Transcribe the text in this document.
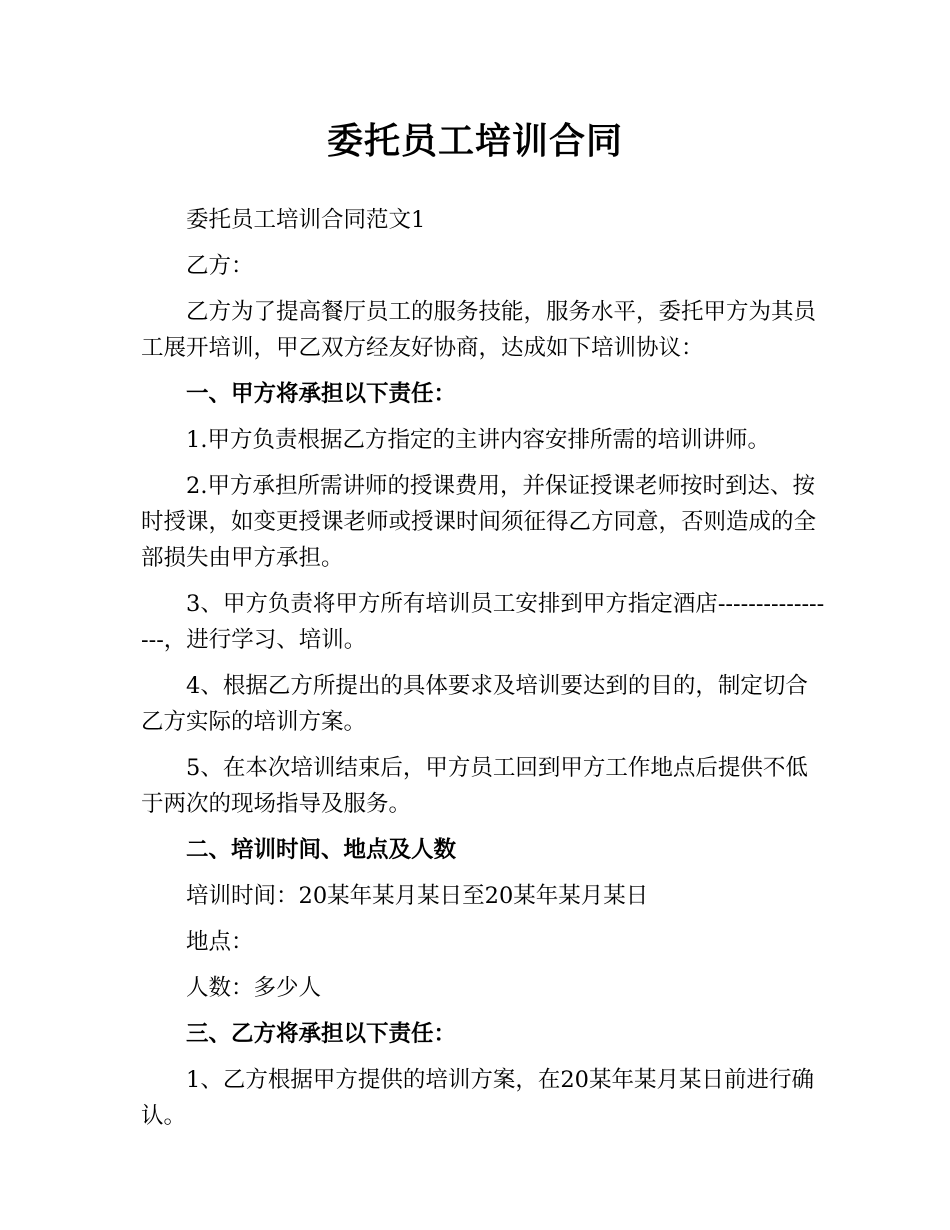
委托员工培训合同

委托员工培训合同范文1

乙方：

乙方为了提高餐厅员工的服务技能，服务水平，委托甲方为其员工展开培训，甲乙双方经友好协商，达成如下培训协议：

一、甲方将承担以下责任：

1.甲方负责根据乙方指定的主讲内容安排所需的培训讲师。

2.甲方承担所需讲师的授课费用，并保证授课老师按时到达、按时授课，如变更授课老师或授课时间须征得乙方同意，否则造成的全部损失由甲方承担。

3、甲方负责将甲方所有培训员工安排到甲方指定酒店-----------------，进行学习、培训。

4、根据乙方所提出的具体要求及培训要达到的目的，制定切合乙方实际的培训方案。

5、在本次培训结束后，甲方员工回到甲方工作地点后提供不低于两次的现场指导及服务。

二、培训时间、地点及人数

培训时间：20某年某月某日至20某年某月某日

地点：

人数：多少人

三、乙方将承担以下责任：

1、乙方根据甲方提供的培训方案，在20某年某月某日前进行确认。
